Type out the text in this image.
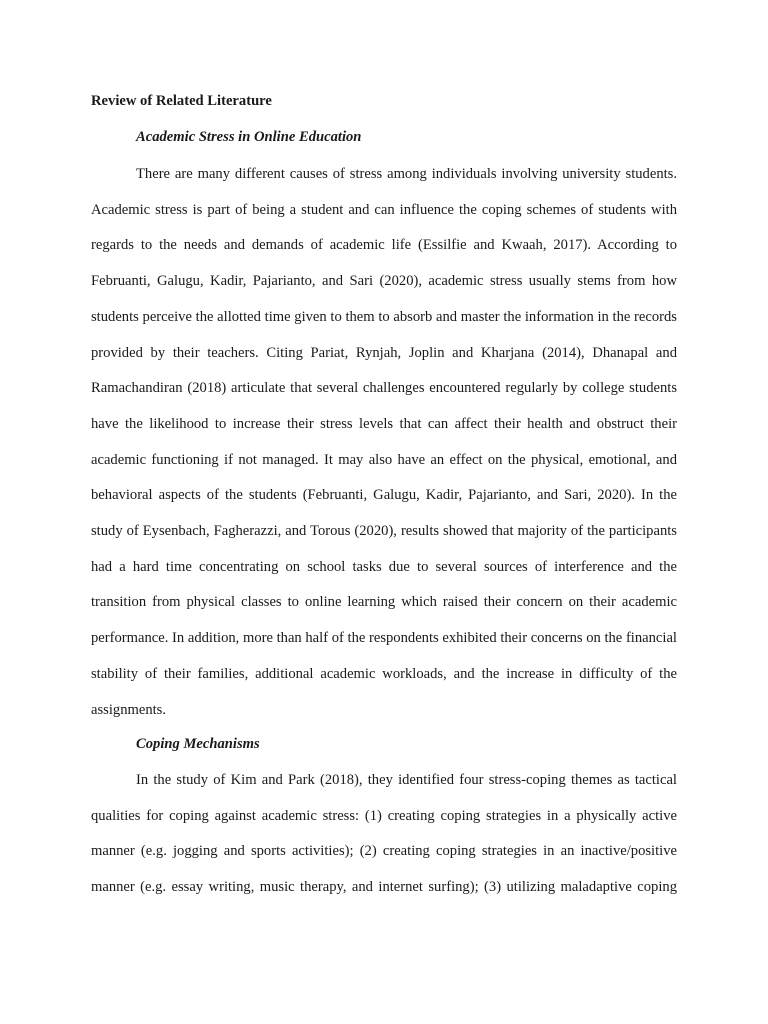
Review of Related Literature
Academic Stress in Online Education

There are many different causes of stress among individuals involving university students. Academic stress is part of being a student and can influence the coping schemes of students with regards to the needs and demands of academic life (Essilfie and Kwaah, 2017). According to Februanti, Galugu, Kadir, Pajarianto, and Sari (2020), academic stress usually stems from how students perceive the allotted time given to them to absorb and master the information in the records provided by their teachers. Citing Pariat, Rynjah, Joplin and Kharjana (2014), Dhanapal and Ramachandiran (2018) articulate that several challenges encountered regularly by college students have the likelihood to increase their stress levels that can affect their health and obstruct their academic functioning if not managed. It may also have an effect on the physical, emotional, and behavioral aspects of the students (Februanti, Galugu, Kadir, Pajarianto, and Sari, 2020). In the study of Eysenbach, Fagherazzi, and Torous (2020), results showed that majority of the participants had a hard time concentrating on school tasks due to several sources of interference and the transition from physical classes to online learning which raised their concern on their academic performance. In addition, more than half of the respondents exhibited their concerns on the financial stability of their families, additional academic workloads, and the increase in difficulty of the assignments.

Coping Mechanisms

In the study of Kim and Park (2018), they identified four stress-coping themes as tactical qualities for coping against academic stress: (1) creating coping strategies in a physically active manner (e.g. jogging and sports activities); (2) creating coping strategies in an inactive/positive manner (e.g. essay writing, music therapy, and internet surfing); (3) utilizing maladaptive coping
